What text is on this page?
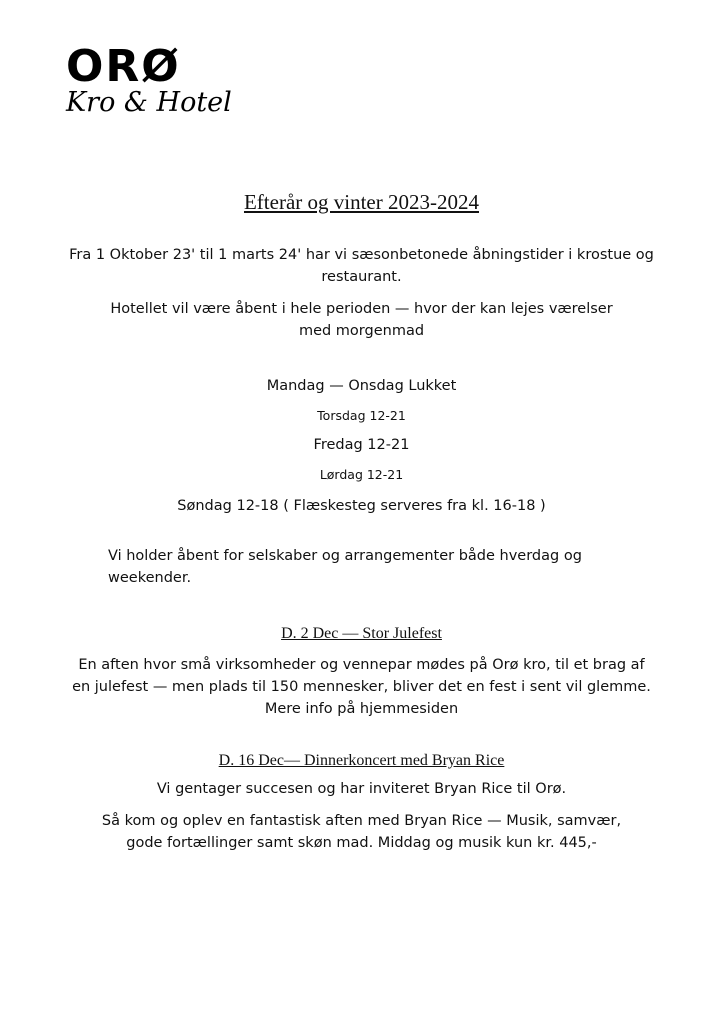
ORØ
Kro & Hotel
Efterår og vinter 2023-2024
Fra 1 Oktober 23' til 1 marts 24' har vi sæsonbetonede åbningstider i krostue og
restaurant.
Hotellet vil være åbent i hele perioden — hvor der kan lejes værelser
med morgenmad
Mandag — Onsdag Lukket
Torsdag 12-21
Fredag 12-21
Lørdag 12-21
Søndag 12-18 ( Flæskesteg serveres fra kl. 16-18 )
Vi holder åbent for selskaber og arrangementer både hverdag og
weekender.
D. 2 Dec — Stor Julefest
En aften hvor små virksomheder og vennepar mødes på Orø kro, til et brag af
en julefest — men plads til 150 mennesker, bliver det en fest i sent vil glemme.
Mere info på hjemmesiden
D. 16 Dec— Dinnerkoncert med Bryan Rice
Vi gentager succesen og har inviteret Bryan Rice til Orø.
Så kom og oplev en fantastisk aften med Bryan Rice — Musik, samvær,
gode fortællinger samt skøn mad. Middag og musik kun kr. 445,-
